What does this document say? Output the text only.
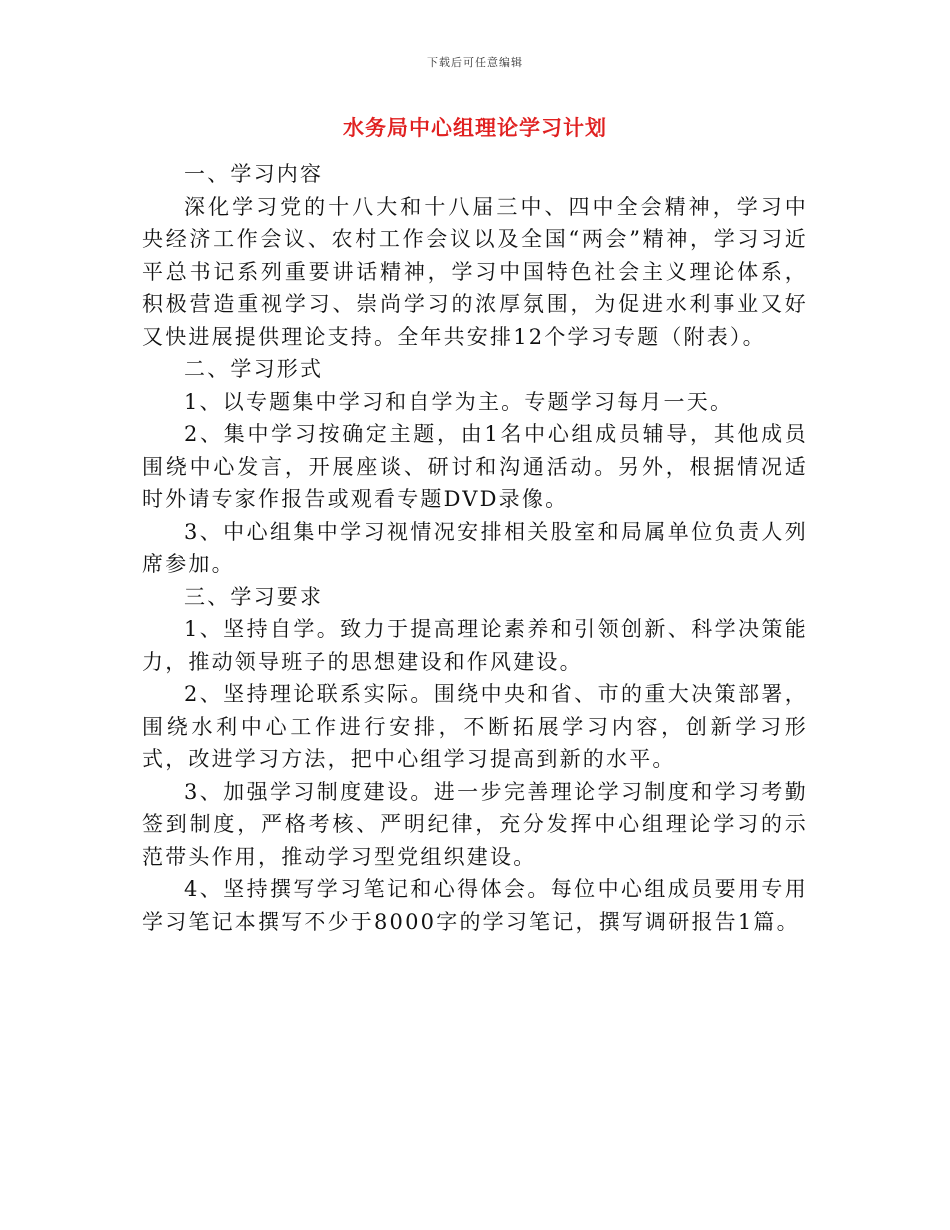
下载后可任意编辑
水务局中心组理论学习计划

一、学习内容

深化学习党的十八大和十八届三中、四中全会精神，学习中央经济工作会议、农村工作会议以及全国“两会”精神，学习习近平总书记系列重要讲话精神，学习中国特色社会主义理论体系，积极营造重视学习、崇尚学习的浓厚氛围，为促进水利事业又好又快进展提供理论支持。全年共安排12个学习专题（附表）。

二、学习形式

1、以专题集中学习和自学为主。专题学习每月一天。

2、集中学习按确定主题，由1名中心组成员辅导，其他成员围绕中心发言，开展座谈、研讨和沟通活动。另外，根据情况适时外请专家作报告或观看专题DVD录像。

3、中心组集中学习视情况安排相关股室和局属单位负责人列席参加。

三、学习要求

1、坚持自学。致力于提高理论素养和引领创新、科学决策能力，推动领导班子的思想建设和作风建设。

2、坚持理论联系实际。围绕中央和省、市的重大决策部署，围绕水利中心工作进行安排，不断拓展学习内容，创新学习形式，改进学习方法，把中心组学习提高到新的水平。

3、加强学习制度建设。进一步完善理论学习制度和学习考勤签到制度，严格考核、严明纪律，充分发挥中心组理论学习的示范带头作用，推动学习型党组织建设。

4、坚持撰写学习笔记和心得体会。每位中心组成员要用专用学习笔记本撰写不少于8000字的学习笔记，撰写调研报告1篇。
